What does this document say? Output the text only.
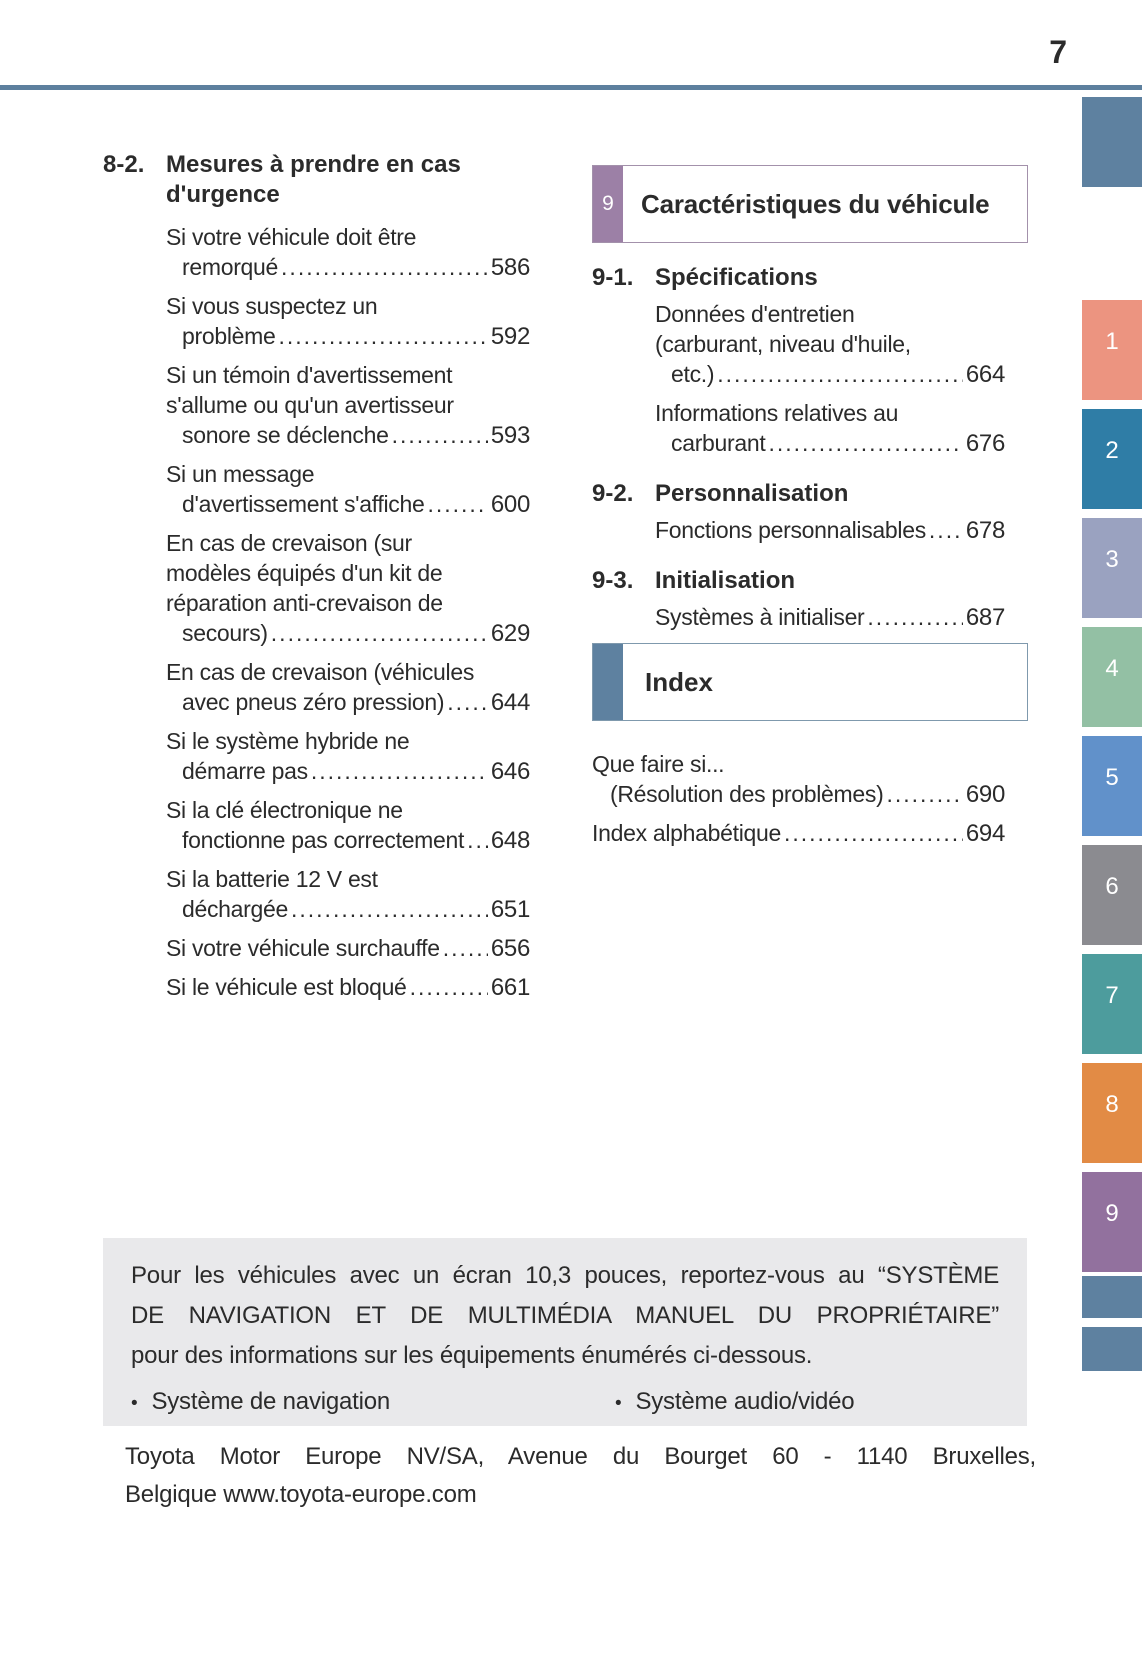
7
1
2
3
4
5
6
7
8
9
8-2. Mesures à prendre en cas
d'urgence
Si votre véhicule doit être
remorqué .....	586
Si vous suspectez un
problème .....	592
Si un témoin d'avertissement
s'allume ou qu'un avertisseur
sonore se déclenche .....	593
Si un message
d'avertissement s'affiche .....	600
En cas de crevaison (sur
modèles équipés d'un kit de
réparation anti-crevaison de
secours) .....	629
En cas de crevaison (véhicules
avec pneus zéro pression) ..... 644
Si le système hybride ne
démarre pas .....	646
Si la clé électronique ne
fonctionne pas correctement ..... 648
Si la batterie 12 V est
déchargée .....	651
Si votre véhicule surchauffe ..... 656
Si le véhicule est bloqué .....	661
9	Caractéristiques du véhicule
9-1. Spécifications
Données d'entretien
(carburant, niveau d'huile,
etc.) .....	664
Informations relatives au
carburant .....	676
9-2. Personnalisation
Fonctions personnalisables ..... 678
9-3. Initialisation
Systèmes à initialiser .....	687
Index
Que faire si...
(Résolution des problèmes) .....	690
Index alphabétique .....	694
Pour les véhicules avec un écran 10,3 pouces, reportez-vous au “SYSTÈME
DE NAVIGATION ET DE MULTIMÉDIA MANUEL DU PROPRIÉTAIRE”
pour des informations sur les équipements énumérés ci-dessous.
• Système de navigation	• Système audio/vidéo
Toyota Motor Europe NV/SA, Avenue du Bourget 60 - 1140 Bruxelles,
Belgique www.toyota-europe.com
